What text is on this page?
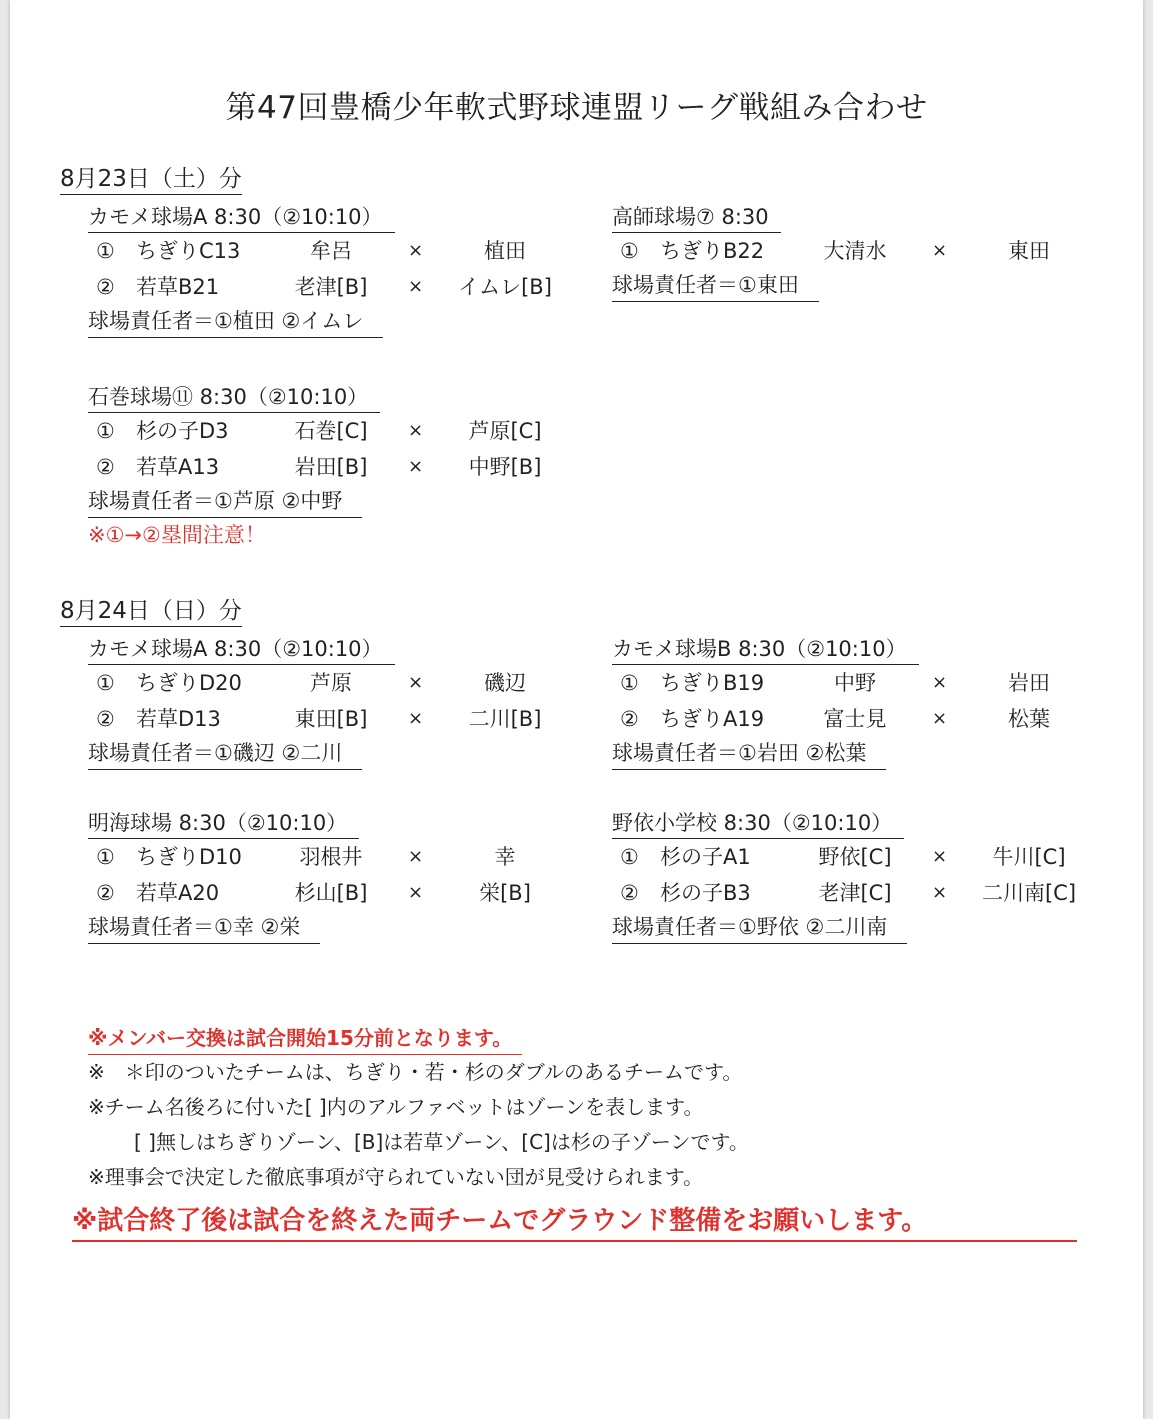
第47回豊橋少年軟式野球連盟リーグ戦組み合わせ
8月23日（土）分
カモメ球場A 8:30（②10:10）
① ちぎりC13	牟呂	×	植田
② 若草B21	老津[B]	×	イムレ[B]
球場責任者＝①植田 ②イムレ
高師球場⑦ 8:30
① ちぎりB22	大清水	×	東田
球場責任者＝①東田
石巻球場⑪ 8:30（②10:10）
① 杉の子D3	石巻[C]	×	芦原[C]
② 若草A13	岩田[B]	×	中野[B]
球場責任者＝①芦原 ②中野
※①→②塁間注意！
8月24日（日）分
カモメ球場A 8:30（②10:10）
① ちぎりD20	芦原	×	磯辺
② 若草D13	東田[B]	×	二川[B]
球場責任者＝①磯辺 ②二川
カモメ球場B 8:30（②10:10）
① ちぎりB19	中野	×	岩田
② ちぎりA19	富士見	×	松葉
球場責任者＝①岩田 ②松葉
明海球場 8:30（②10:10）
① ちぎりD10	羽根井	×	幸
② 若草A20	杉山[B]	×	栄[B]
球場責任者＝①幸 ②栄
野依小学校 8:30（②10:10）
① 杉の子A1	野依[C]	×	牛川[C]
② 杉の子B3	老津[C]	×	二川南[C]
球場責任者＝①野依 ②二川南
※メンバー交換は試合開始15分前となります。
※　＊印のついたチームは、ちぎり・若・杉のダブルのあるチームです。
※チーム名後ろに付いた[ ]内のアルファベットはゾーンを表します。
[ ]無しはちぎりゾーン、[B]は若草ゾーン、[C]は杉の子ゾーンです。
※理事会で決定した徹底事項が守られていない団が見受けられます。
※試合終了後は試合を終えた両チームでグラウンド整備をお願いします。
